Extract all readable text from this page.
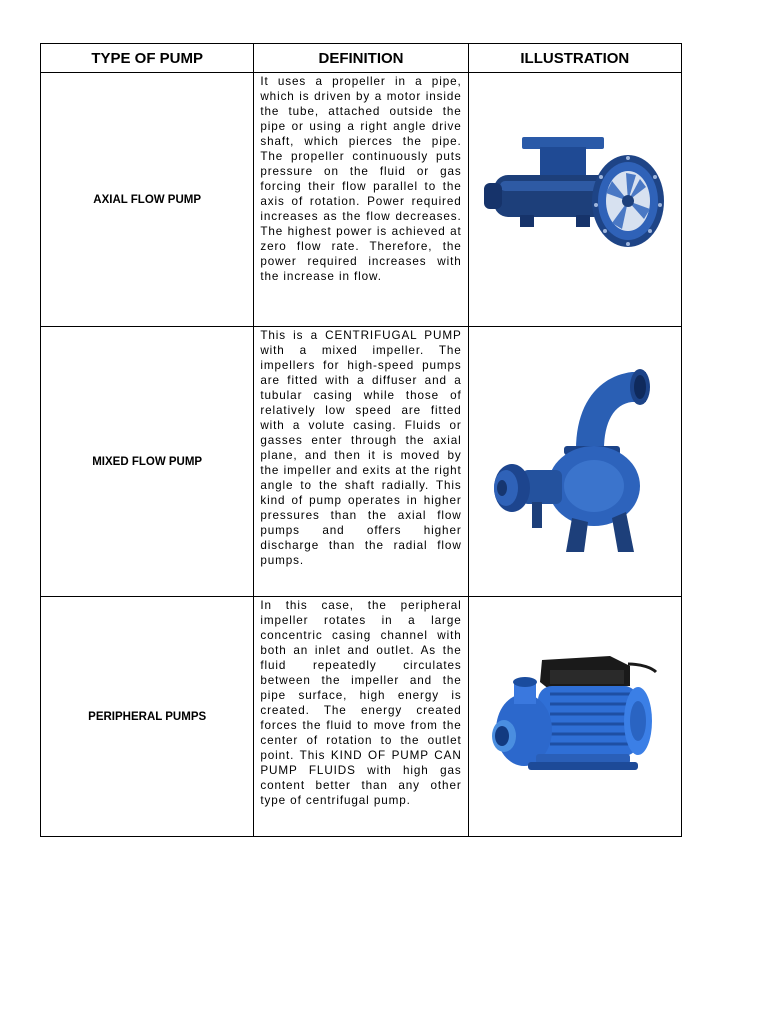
TYPE OF PUMP	DEFINITION	ILLUSTRATION
AXIAL FLOW PUMP	It uses a propeller in a pipe, which is driven by a motor inside the tube, attached outside the pipe or using a right angle drive shaft, which pierces the pipe. The propeller continuously puts pressure on the fluid or gas forcing their flow parallel to the axis of rotation. Power required increases as the flow decreases. The highest power is achieved at zero flow rate. Therefore, the power required increases with the increase in flow.	

MIXED FLOW PUMP	This is a CENTRIFUGAL PUMP with a mixed impeller. The impellers for high-speed pumps are fitted with a diffuser and a tubular casing while those of relatively low speed are fitted with a volute casing. Fluids or gasses enter through the axial plane, and then it is moved by the impeller and exits at the right angle to the shaft radially. This kind of pump operates in higher pressures than the axial flow pumps and offers higher discharge than the radial flow pumps.	

PERIPHERAL PUMPS	In this case, the peripheral impeller rotates in a large concentric casing channel with both an inlet and outlet. As the fluid repeatedly circulates between the impeller and the pipe surface, high energy is created. The energy created forces the fluid to move from the center of rotation to the outlet point. This KIND OF PUMP CAN PUMP FLUIDS with high gas content better than any other type of centrifugal pump.	
